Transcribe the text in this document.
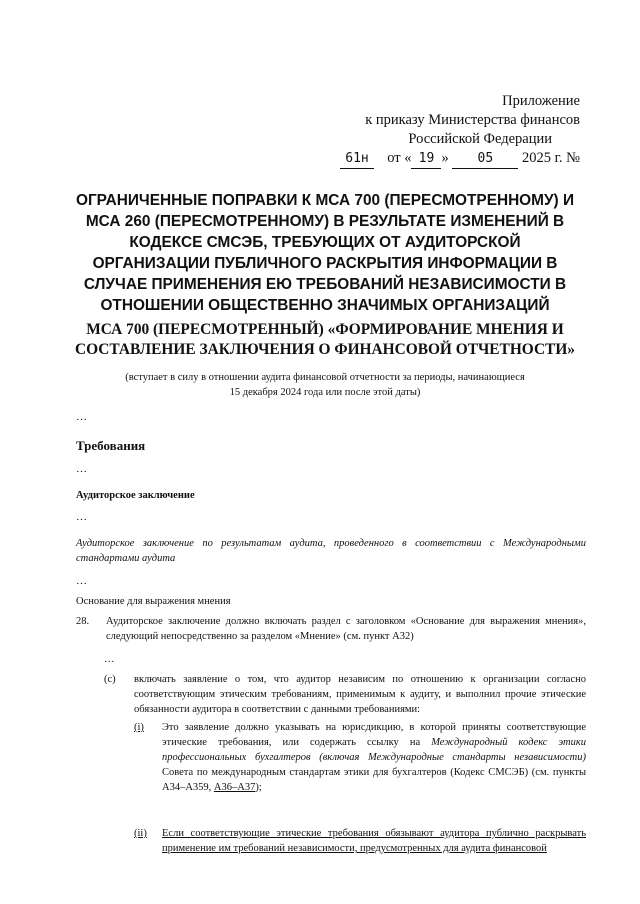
Приложение
к приказу Министерства финансов
Российской Федерации
от « 19 » 05 2025 г. №
61н
ОГРАНИЧЕННЫЕ ПОПРАВКИ К МСА 700 (ПЕРЕСМОТРЕННОМУ) И МСА 260 (ПЕРЕСМОТРЕННОМУ) В РЕЗУЛЬТАТЕ ИЗМЕНЕНИЙ В КОДЕКСЕ СМСЭБ, ТРЕБУЮЩИХ ОТ АУДИТОРСКОЙ ОРГАНИЗАЦИИ ПУБЛИЧНОГО РАСКРЫТИЯ ИНФОРМАЦИИ В СЛУЧАЕ ПРИМЕНЕНИЯ ЕЮ ТРЕБОВАНИЙ НЕЗАВИСИМОСТИ В ОТНОШЕНИИ ОБЩЕСТВЕННО ЗНАЧИМЫХ ОРГАНИЗАЦИЙ
МСА 700 (ПЕРЕСМОТРЕННЫЙ) «ФОРМИРОВАНИЕ МНЕНИЯ И СОСТАВЛЕНИЕ ЗАКЛЮЧЕНИЯ О ФИНАНСОВОЙ ОТЧЕТНОСТИ»
(вступает в силу в отношении аудита финансовой отчетности за периоды, начинающиеся
15 декабря 2024 года или после этой даты)
…
Требования
…
Аудиторское заключение
…
Аудиторское заключение по результатам аудита, проведенного в соответствии с Международными стандартами аудита
…
Основание для выражения мнения
28. Аудиторское заключение должно включать раздел с заголовком «Основание для выражения мнения», следующий непосредственно за разделом «Мнение» (см. пункт А32)
…
(с) включать заявление о том, что аудитор независим по отношению к организации согласно соответствующим этическим требованиям, применимым к аудиту, и выполнил прочие этические обязанности аудитора в соответствии с данными требованиями:
(i) Это заявление должно указывать на юрисдикцию, в которой приняты соответствующие этические требования, или содержать ссылку на Международный кодекс этики профессиональных бухгалтеров (включая Международные стандарты независимости) Совета по международным стандартам этики для бухгалтеров (Кодекс СМСЭБ) (см. пункты А34–А359, А36–А37);
(ii) Если соответствующие этические требования обязывают аудитора публично раскрывать применение им требований независимости, предусмотренных для аудита финансовой
